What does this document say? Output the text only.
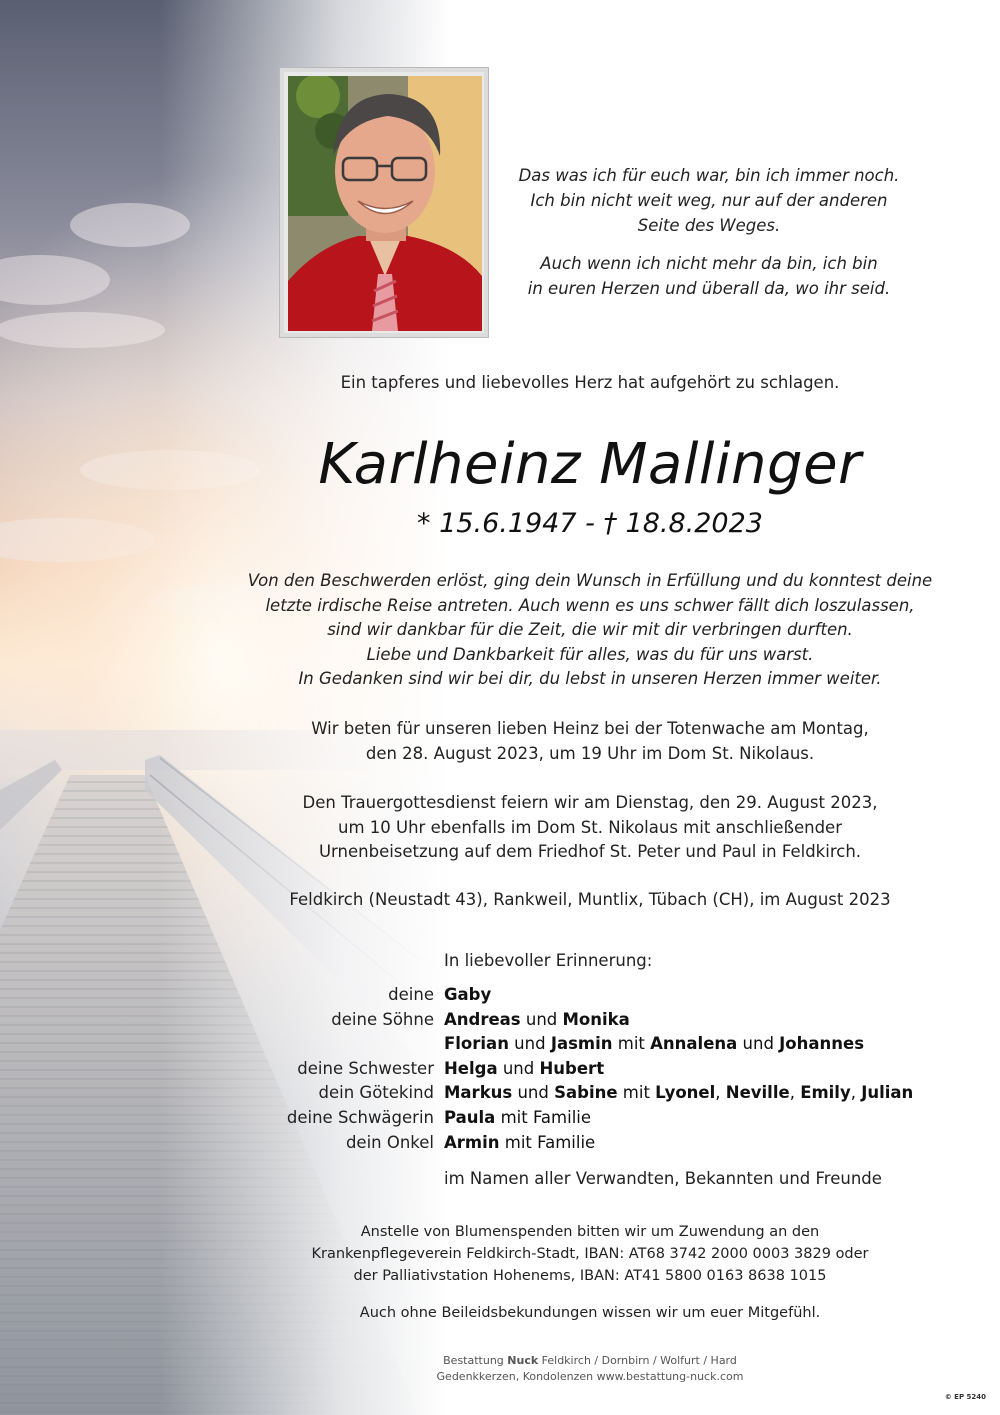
Das was ich für euch war, bin ich immer noch.

Ich bin nicht weit weg, nur auf der anderen

Seite des Weges.

Auch wenn ich nicht mehr da bin, ich bin

in euren Herzen und überall da, wo ihr seid.

Ein tapferes und liebevolles Herz hat aufgehört zu schlagen.
Karlheinz Mallinger
* 15.6.1947 - † 18.8.2023

Von den Beschwerden erlöst, ging dein Wunsch in Erfüllung und du konntest deine

letzte irdische Reise antreten. Auch wenn es uns schwer fällt dich loszulassen,

sind wir dankbar für die Zeit, die wir mit dir verbringen durften.

Liebe und Dankbarkeit für alles, was du für uns warst.

In Gedanken sind wir bei dir, du lebst in unseren Herzen immer weiter.

Wir beten für unseren lieben Heinz bei der Totenwache am Montag,

den 28. August 2023, um 19 Uhr im Dom St. Nikolaus.

Den Trauergottesdienst feiern wir am Dienstag, den 29. August 2023,

um 10 Uhr ebenfalls im Dom St. Nikolaus mit anschließender

Urnenbeisetzung auf dem Friedhof St. Peter und Paul in Feldkirch.

Feldkirch (Neustadt 43), Rankweil, Muntlix, Tübach (CH), im August 2023
In liebevoller Erinnerung:
deine Gaby
deine Söhne Andreas und Monika
Florian und Jasmin mit Annalena und Johannes
deine Schwester Helga und Hubert
dein Götekind Markus und Sabine mit Lyonel, Neville, Emily, Julian
deine Schwägerin Paula mit Familie
dein Onkel Armin mit Familie
im Namen aller Verwandten, Bekannten und Freunde

Anstelle von Blumenspenden bitten wir um Zuwendung an den

Krankenpflegeverein Feldkirch-Stadt, IBAN: AT68 3742 2000 0003 3829 oder

der Palliativstation Hohenems, IBAN: AT41 5800 0163 8638 1015

Auch ohne Beileidsbekundungen wissen wir um euer Mitgefühl.

Bestattung Nuck Feldkirch / Dornbirn / Wolfurt / Hard

Gedenkkerzen, Kondolenzen www.bestattung-nuck.com

© EP 5240
